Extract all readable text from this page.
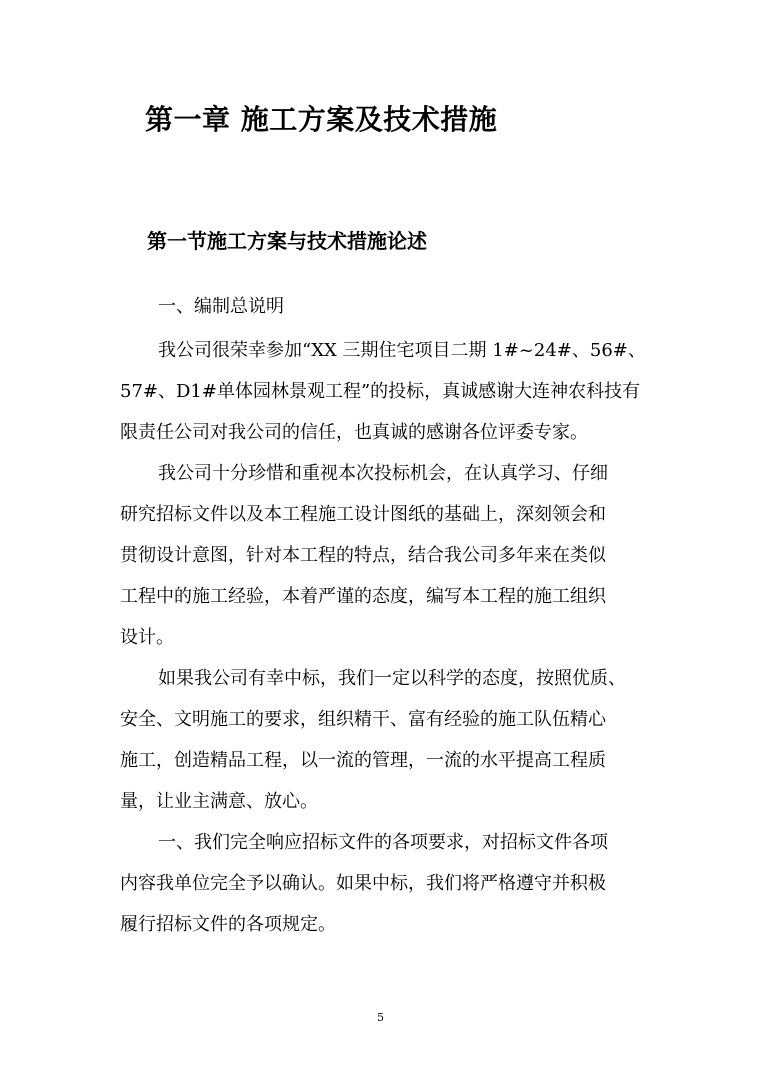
第一章 施工方案及技术措施
第一节施工方案与技术措施论述
一、编制总说明
我公司很荣幸参加“XX 三期住宅项目二期 1#~24#、56#、
57#、D1#单体园林景观工程”的投标，真诚感谢大连神农科技有
限责任公司对我公司的信任，也真诚的感谢各位评委专家。
我公司十分珍惜和重视本次投标机会，在认真学习、仔细
研究招标文件以及本工程施工设计图纸的基础上，深刻领会和
贯彻设计意图，针对本工程的特点，结合我公司多年来在类似
工程中的施工经验，本着严谨的态度，编写本工程的施工组织
设计。
如果我公司有幸中标，我们一定以科学的态度，按照优质、
安全、文明施工的要求，组织精干、富有经验的施工队伍精心
施工，创造精品工程，以一流的管理，一流的水平提高工程质
量，让业主满意、放心。
一、我们完全响应招标文件的各项要求，对招标文件各项
内容我单位完全予以确认。如果中标，我们将严格遵守并积极
履行招标文件的各项规定。
5
